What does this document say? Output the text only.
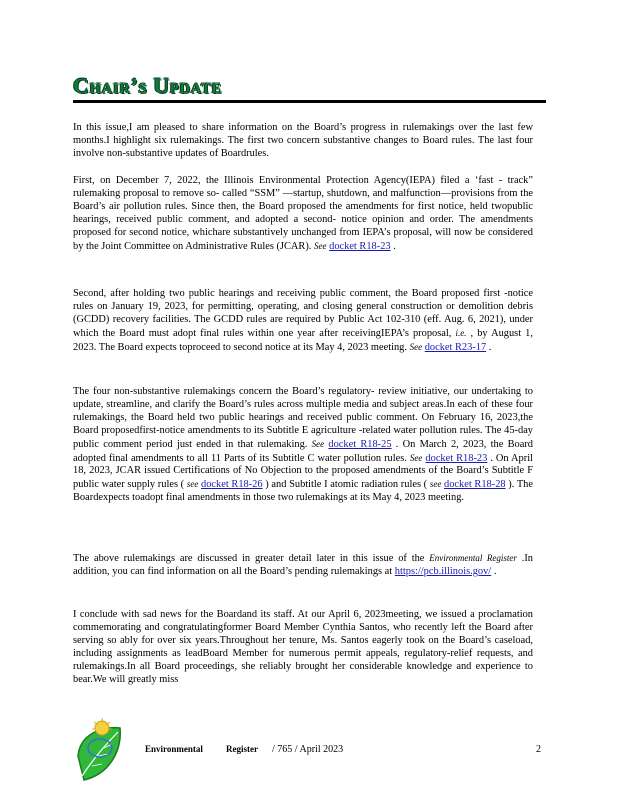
Chair’s Update
In this issue,I am pleased to share information on the Board’s progress in rulemakings over the last few months.I highlight six rulemakings. The first two concern substantive changes to Board rules. The last four involve non-substantive updates of Boardrules.
First, on December 7, 2022, the Illinois Environmental Protection Agency(IEPA) filed a ‘fast - track” rulemaking proposal to remove so- called “SSM” —startup, shutdown, and malfunction—provisions from the Board’s air pollution rules. Since then, the Board proposed the amendments for first notice, held twopublic hearings, received public comment, and adopted a second- notice opinion and order. The amendments proposed for second notice, whichare substantively unchanged from IEPA’s proposal, will now be considered by the Joint Committee on Administrative Rules (JCAR). See docket R18-23 .
Second, after holding two public hearings and receiving public comment, the Board proposed first -notice rules on January 19, 2023, for permitting, operating, and closing general construction or demolition debris (GCDD) recovery facilities. The GCDD rules are required by Public Act 102-310 (eff. Aug. 6, 2021), under which the Board must adopt final rules within one year after receivingIEPA’s proposal, i.e. , by August 1, 2023. The Board expects toproceed to second notice at its May 4, 2023 meeting. See docket R23-17 .
The four non-substantive rulemakings concern the Board’s regulatory- review initiative, our undertaking to update, streamline, and clarify the Board’s rules across multiple media and subject areas.In each of these four rulemakings, the Board held two public hearings and received public comment. On February 16, 2023,the Board proposedfirst-notice amendments to its Subtitle E agriculture -related water pollution rules. The 45-day public comment period just ended in that rulemaking. See docket R18-25 . On March 2, 2023, the Board adopted final amendments to all 11 Parts of its Subtitle C water pollution rules. See docket R18-23 . On April 18, 2023, JCAR issued Certifications of No Objection to the proposed amendments of the Board’s Subtitle F public water supply rules ( see docket R18-26 ) and Subtitle I atomic radiation rules ( see docket R18-28 ). The Boardexpects toadopt final amendments in those two rulemakings at its May 4, 2023 meeting.
The above rulemakings are discussed in greater detail later in this issue of the Environmental Register .In addition, you can find information on all the Board’s pending rulemakings at https://pcb.illinois.gov/ .
I conclude with sad news for the Boardand its staff. At our April 6, 2023meeting, we issued a proclamation commemorating and congratulatingformer Board Member Cynthia Santos, who recently left the Board after serving so ably for over six years.Throughout her tenure, Ms. Santos eagerly took on the Board’s caseload, including assignments as leadBoard Member for numerous permit appeals, regulatory-relief requests, and rulemakings.In all Board proceedings, she reliably brought her considerable knowledge and experience to bear.We will greatly miss
Environmental	Register / 765 / April 2023	2
